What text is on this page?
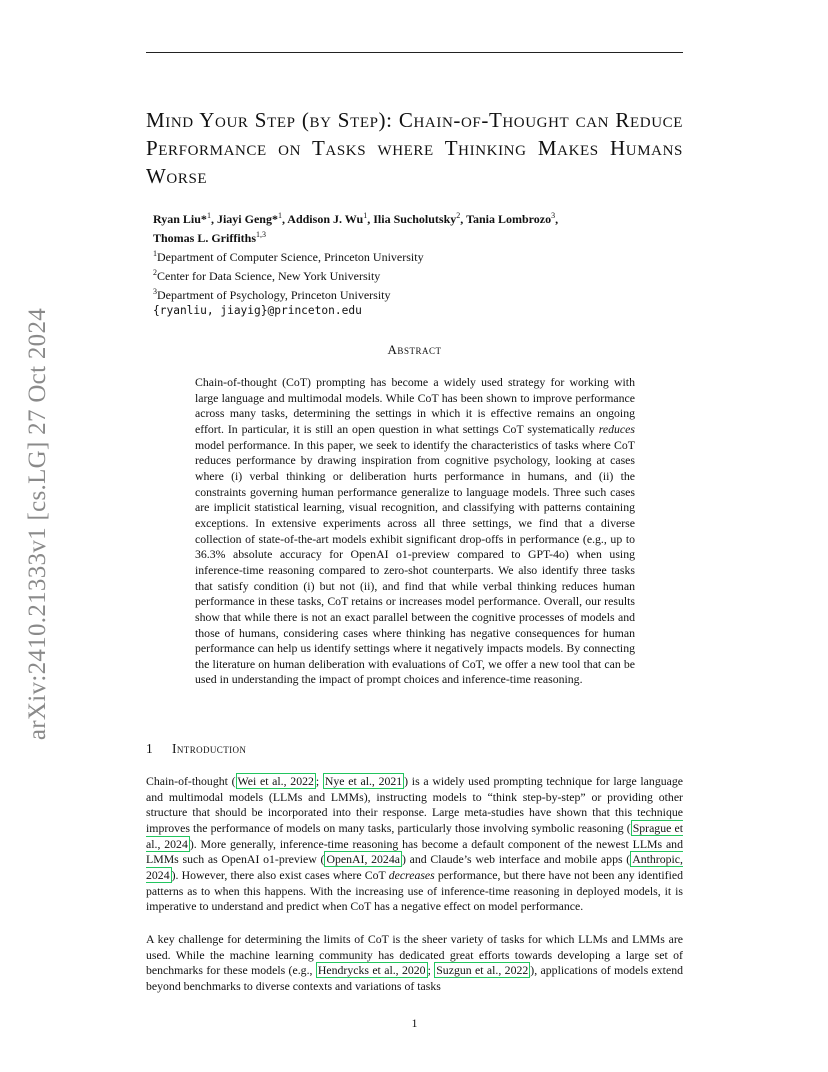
arXiv:2410.21333v1 [cs.LG] 27 Oct 2024
Mind Your Step (by Step): Chain-of-Thought can Reduce Performance on Tasks where Thinking Makes Humans Worse
Ryan Liu*$^1$, Jiayi Geng*$^1$, Addison J. Wu$^1$, Ilia Sucholutsky$^2$, Tania Lombrozo$^3$,
Thomas L. Griffiths$^{1,3}$
$^1$Department of Computer Science, Princeton University
$^2$Center for Data Science, New York University
$^3$Department of Psychology, Princeton University
{ryanliu, jiayig}@princeton.edu
Abstract

Chain-of-thought (CoT) prompting has become a widely used strategy for working with large language and multimodal models. While CoT has been shown to improve performance across many tasks, determining the settings in which it is effective remains an ongoing effort. In particular, it is still an open question in what settings CoT systematically reduces model performance. In this paper, we seek to identify the characteristics of tasks where CoT reduces performance by drawing inspiration from cognitive psychology, looking at cases where (i) verbal thinking or deliberation hurts performance in humans, and (ii) the constraints governing human performance generalize to language models. Three such cases are implicit statistical learning, visual recognition, and classifying with patterns containing exceptions. In extensive experiments across all three settings, we find that a diverse collection of state-of-the-art models exhibit significant drop-offs in performance (e.g., up to 36.3% absolute accuracy for OpenAI o1-preview compared to GPT-4o) when using inference-time reasoning compared to zero-shot counterparts. We also identify three tasks that satisfy condition (i) but not (ii), and find that while verbal thinking reduces human performance in these tasks, CoT retains or increases model performance. Overall, our results show that while there is not an exact parallel between the cognitive processes of models and those of humans, considering cases where thinking has negative consequences for human performance can help us identify settings where it negatively impacts models. By connecting the literature on human deliberation with evaluations of CoT, we offer a new tool that can be used in understanding the impact of prompt choices and inference-time reasoning.

1 Introduction

Chain-of-thought ( Wei et al., 2022 ; Nye et al., 2021 ) is a widely used prompting technique for large language and multimodal models (LLMs and LMMs), instructing models to “think step-by-step” or providing other structure that should be incorporated into their response. Large meta-studies have shown that this technique improves the performance of models on many tasks, particularly those involving symbolic reasoning ( Sprague et al., 2024 ). More generally, inference-time reasoning has become a default component of the newest LLMs and LMMs such as OpenAI o1-preview ( OpenAI, 2024a ) and Claude’s web interface and mobile apps ( Anthropic, 2024 ). However, there also exist cases where CoT decreases performance, but there have not been any identified patterns as to when this happens. With the increasing use of inference-time reasoning in deployed models, it is imperative to understand and predict when CoT has a negative effect on model performance.

A key challenge for determining the limits of CoT is the sheer variety of tasks for which LLMs and LMMs are used. While the machine learning community has dedicated great efforts towards developing a large set of benchmarks for these models (e.g., Hendrycks et al., 2020 ; Suzgun et al., 2022 ), applications of models extend beyond benchmarks to diverse contexts and variations of tasks

1
